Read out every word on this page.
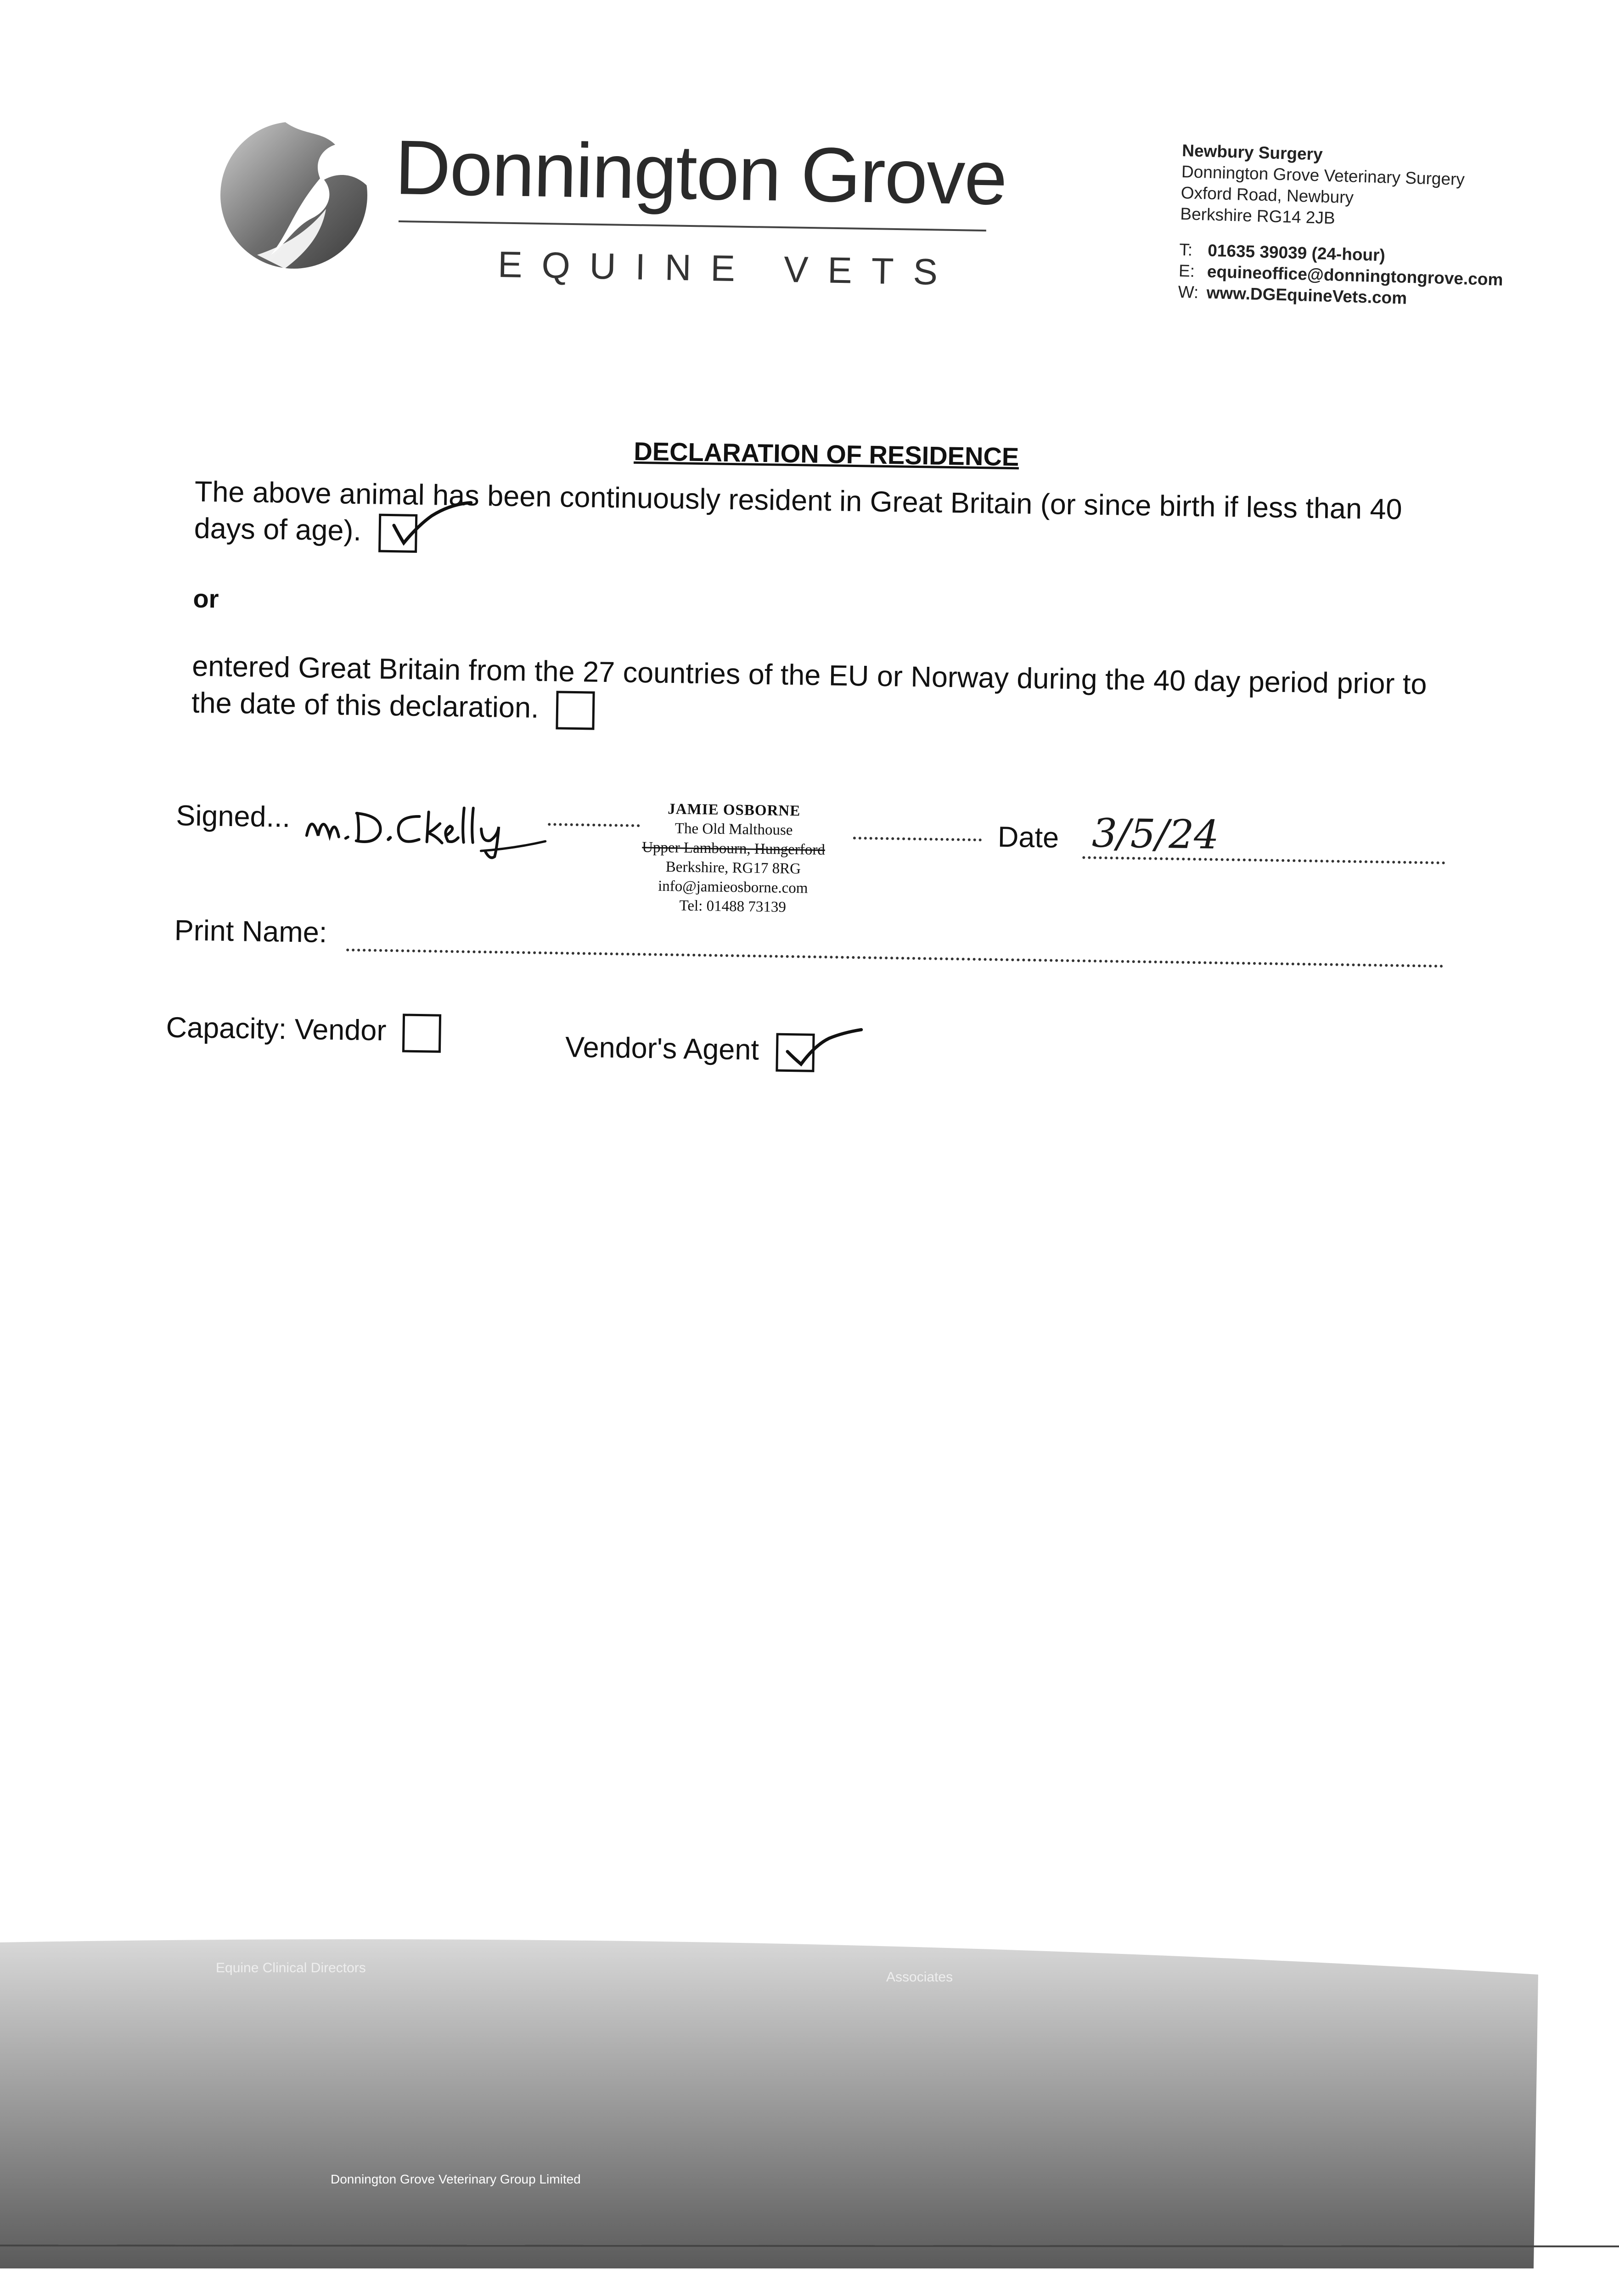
Donnington Grove
EQUINE VETS
Newbury Surgery
Donnington Grove Veterinary Surgery
Oxford Road, Newbury
Berkshire RG14 2JB
T: 01635 39039 (24-hour)
E: equineoffice@donningtongrove.com
W: www.DGEquineVets.com
DECLARATION OF RESIDENCE
The above animal has been continuously resident in Great Britain (or since birth if less than 40 days of age).
or
entered Great Britain from the 27 countries of the EU or Norway during the 40 day period prior to the date of this declaration.
Signed...	JAMIE OSBORNE
The Old Malthouse
Upper Lambourn, Hungerford
Berkshire, RG17 8RG
info@jamieosborne.com
Tel: 01488 73139
Date 3/5/24
Print Name:
Capacity: Vendor
Vendor's Agent
Equine Clinical Directors
Associates
Donnington Grove Veterinary Group Limited
